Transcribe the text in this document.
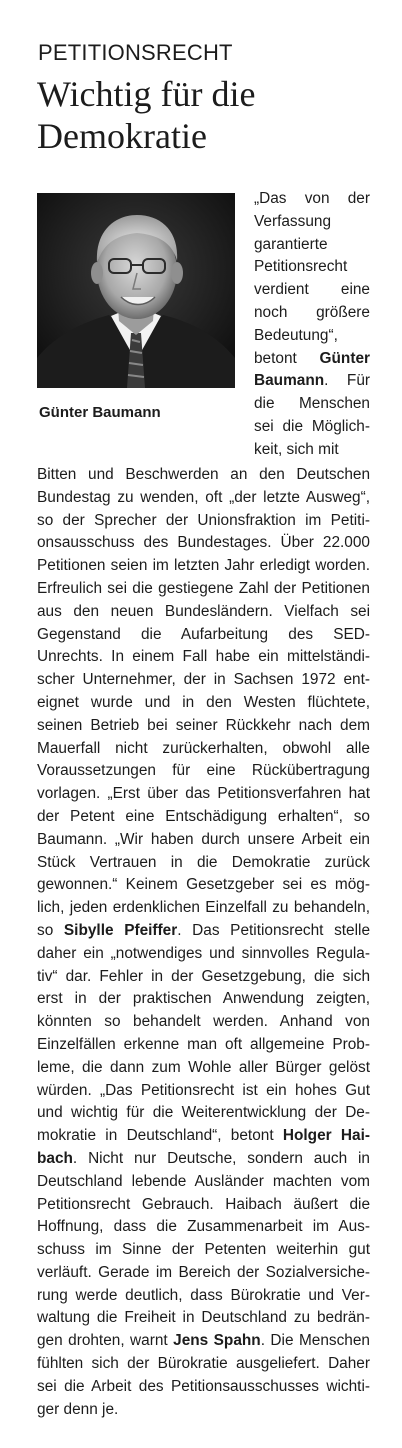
PETITIONSRECHT

Wichtig für die Demokratie

Günter Baumann

„Das von der
Verfassung
garantierte
Petitionsrecht
verdient eine
noch größere
Bedeutung“,
betont Günter
Baumann. Für
die Menschen
sei die Möglich-
keit, sich mit
Bitten und Beschwerden an den Deutschen
Bundestag zu wenden, oft „der letzte Ausweg“,
so der Sprecher der Unionsfraktion im Petiti-
onsausschuss des Bundestages. Über 22.000
Petitionen seien im letzten Jahr erledigt worden.
Erfreulich sei die gestiegene Zahl der Petitionen
aus den neuen Bundesländern. Vielfach sei
Gegenstand die Aufarbeitung des SED-
Unrechts. In einem Fall habe ein mittelständi-
scher Unternehmer, der in Sachsen 1972 ent-
eignet wurde und in den Westen flüchtete,
seinen Betrieb bei seiner Rückkehr nach dem
Mauerfall nicht zurückerhalten, obwohl alle
Voraussetzungen für eine Rückübertragung
vorlagen. „Erst über das Petitionsverfahren hat
der Petent eine Entschädigung erhalten“, so
Baumann. „Wir haben durch unsere Arbeit ein
Stück Vertrauen in die Demokratie zurück
gewonnen.“ Keinem Gesetzgeber sei es mög-
lich, jeden erdenklichen Einzelfall zu behandeln,
so Sibylle Pfeiffer. Das Petitionsrecht stelle
daher ein „notwendiges und sinnvolles Regula-
tiv“ dar. Fehler in der Gesetzgebung, die sich
erst in der praktischen Anwendung zeigten,
könnten so behandelt werden. Anhand von
Einzelfällen erkenne man oft allgemeine Prob-
leme, die dann zum Wohle aller Bürger gelöst
würden. „Das Petitionsrecht ist ein hohes Gut
und wichtig für die Weiterentwicklung der De-
mokratie in Deutschland“, betont Holger Hai-
bach. Nicht nur Deutsche, sondern auch in
Deutschland lebende Ausländer machten vom
Petitionsrecht Gebrauch. Haibach äußert die
Hoffnung, dass die Zusammenarbeit im Aus-
schuss im Sinne der Petenten weiterhin gut
verläuft. Gerade im Bereich der Sozialversiche-
rung werde deutlich, dass Bürokratie und Ver-
waltung die Freiheit in Deutschland zu bedrän-
gen drohten, warnt Jens Spahn. Die Menschen
fühlten sich der Bürokratie ausgeliefert. Daher
sei die Arbeit des Petitionsausschusses wichti-
ger denn je.
